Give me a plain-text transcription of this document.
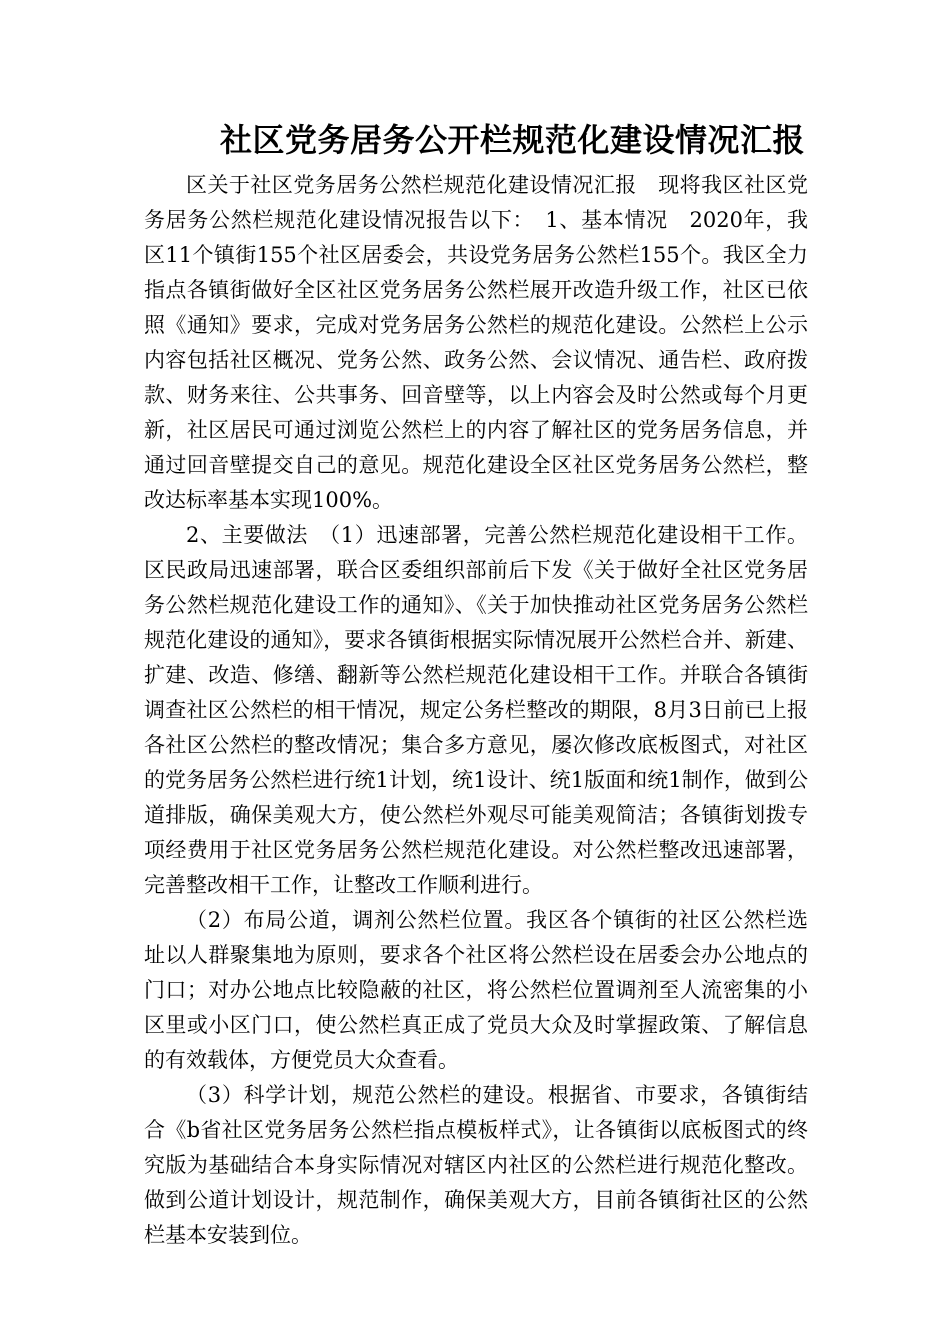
社区党务居务公开栏规范化建设情况汇报

区关于社区党务居务公然栏规范化建设情况汇报　现将我区社区党务居务公然栏规范化建设情况报告以下：　1、基本情况　2020年，我区11个镇街155个社区居委会，共设党务居务公然栏155个。我区全力指点各镇街做好全区社区党务居务公然栏展开改造升级工作，社区已依照《通知》要求，完成对党务居务公然栏的规范化建设。公然栏上公示内容包括社区概况、党务公然、政务公然、会议情况、通告栏、政府拨款、财务来往、公共事务、回音壁等，以上内容会及时公然或每个月更新，社区居民可通过浏览公然栏上的内容了解社区的党务居务信息，并通过回音壁提交自己的意见。规范化建设全区社区党务居务公然栏，整改达标率基本实现100%。

2、主要做法　（1）迅速部署，完善公然栏规范化建设相干工作。区民政局迅速部署，联合区委组织部前后下发《关于做好全社区党务居务公然栏规范化建设工作的通知》、《关于加快推动社区党务居务公然栏规范化建设的通知》，要求各镇街根据实际情况展开公然栏合并、新建、扩建、改造、修缮、翻新等公然栏规范化建设相干工作。并联合各镇街调查社区公然栏的相干情况，规定公务栏整改的期限，8月3日前已上报各社区公然栏的整改情况；集合多方意见，屡次修改底板图式，对社区的党务居务公然栏进行统1计划，统1设计、统1版面和统1制作，做到公道排版，确保美观大方，使公然栏外观尽可能美观简洁；各镇街划拨专项经费用于社区党务居务公然栏规范化建设。对公然栏整改迅速部署，完善整改相干工作，让整改工作顺利进行。

（2）布局公道，调剂公然栏位置。我区各个镇街的社区公然栏选址以人群聚集地为原则，要求各个社区将公然栏设在居委会办公地点的门口；对办公地点比较隐蔽的社区，将公然栏位置调剂至人流密集的小区里或小区门口，使公然栏真正成了党员大众及时掌握政策、了解信息的有效载体，方便党员大众查看。

（3）科学计划，规范公然栏的建设。根据省、市要求，各镇街结合《b省社区党务居务公然栏指点模板样式》，让各镇街以底板图式的终究版为基础结合本身实际情况对辖区内社区的公然栏进行规范化整改。做到公道计划设计，规范制作，确保美观大方，目前各镇街社区的公然栏基本安装到位。
